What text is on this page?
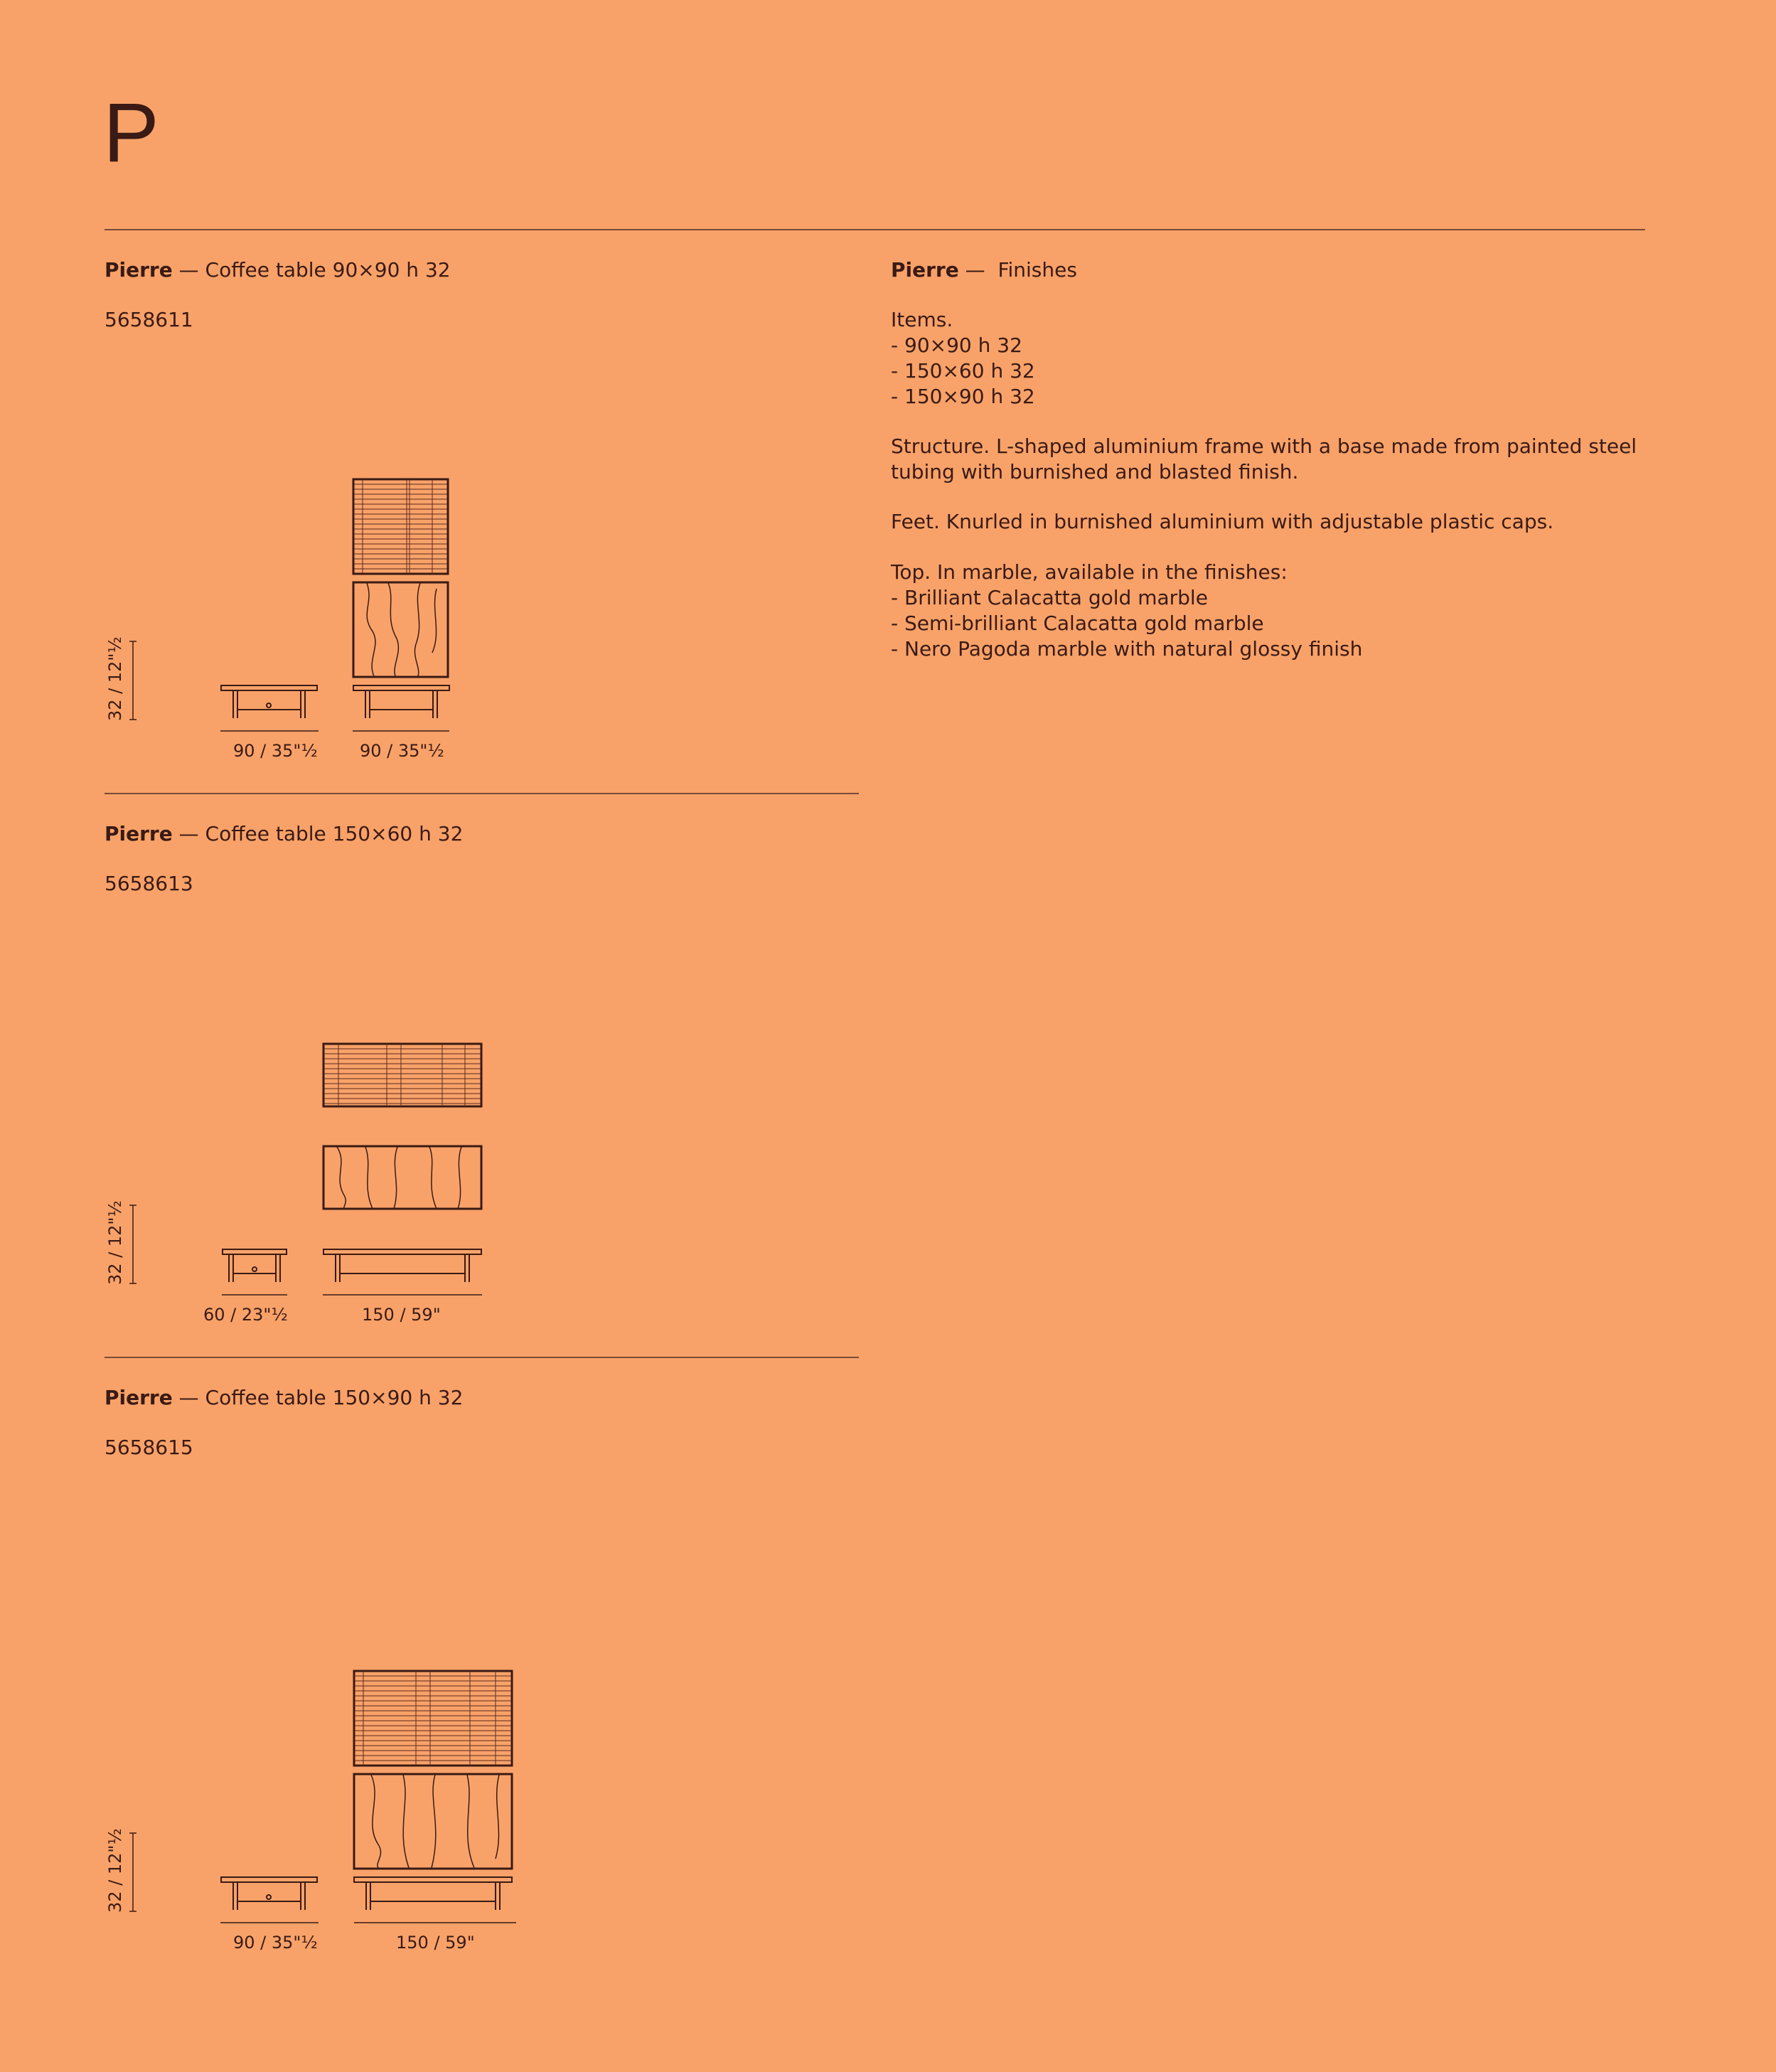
P
Pierre — Coffee table 90×90 h 32
5658611
32 / 12"½
90 / 35"½ 90 / 35"½
Pierre — Coffee table 150×60 h 32
5658613
32 / 12"½
60 / 23"½	150 / 59"
Pierre — Coffee table 150×90 h 32
5658615
32 / 12"½
90 / 35"½	150 / 59"
Pierre — Finishes
Items.
- 90×90 h 32
- 150×60 h 32
- 150×90 h 32
Structure. L-shaped aluminium frame with a base made from painted steel tubing with burnished and blasted finish.
Feet. Knurled in burnished aluminium with adjustable plastic caps.
Top. In marble, available in the finishes:
- Brilliant Calacatta gold marble
- Semi-brilliant Calacatta gold marble
- Nero Pagoda marble with natural glossy finish
